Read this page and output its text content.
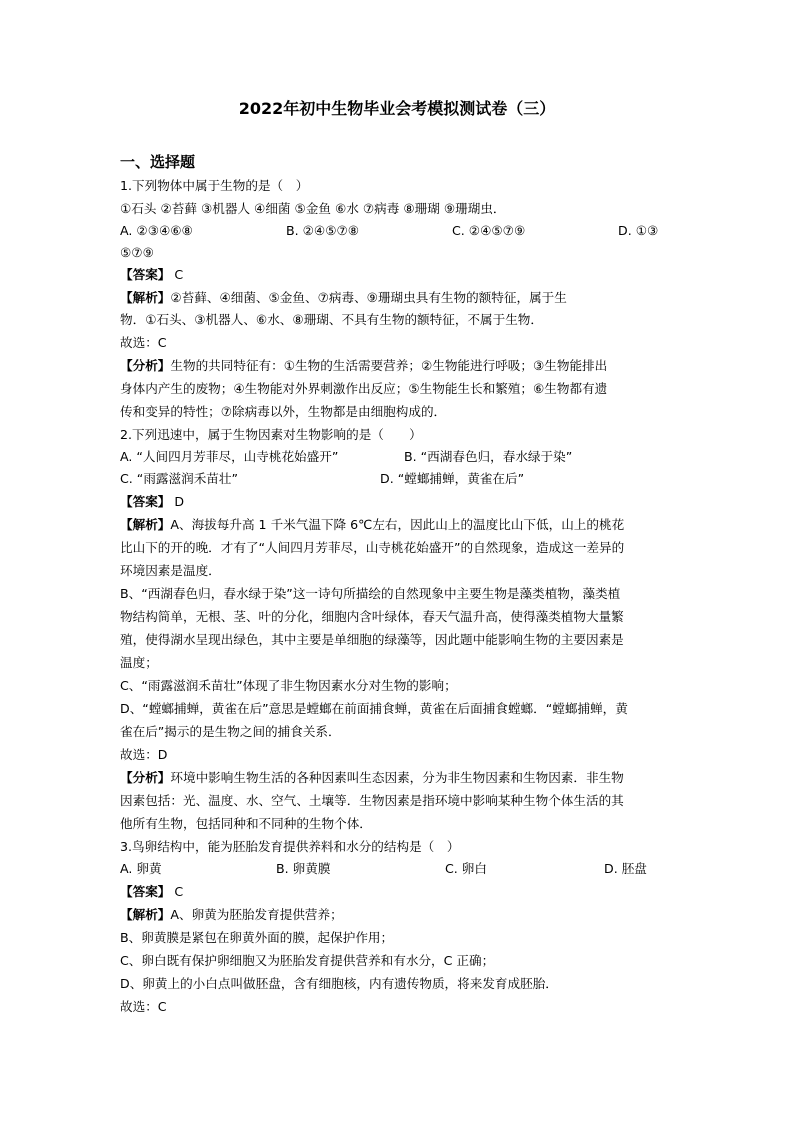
2022年初中生物毕业会考模拟测试卷（三）
一、选择题
1.下列物体中属于生物的是（　）
①石头 ②苔藓 ③机器人 ④细菌 ⑤金鱼 ⑥水 ⑦病毒 ⑧珊瑚 ⑨珊瑚虫．
A. ②③④⑥⑧	B. ②④⑤⑦⑧	C. ②④⑤⑦⑨	D. ①③
⑤⑦⑨
【答案】 C
【解析】②苔藓、④细菌、⑤金鱼、⑦病毒、⑨珊瑚虫具有生物的额特征，属于生
物．①石头、③机器人、⑥水、⑧珊瑚、不具有生物的额特征，不属于生物．
故选：C
【分析】生物的共同特征有：①生物的生活需要营养；②生物能进行呼吸；③生物能排出
身体内产生的废物；④生物能对外界刺激作出反应；⑤生物能生长和繁殖；⑥生物都有遗
传和变异的特性；⑦除病毒以外，生物都是由细胞构成的．
2.下列迅速中，属于生物因素对生物影响的是（　　）
A. “人间四月芳菲尽，山寺桃花始盛开”	B. “西湖春色归，春水绿于染”
C. “雨露滋润禾苗壮”	D. “螳螂捕蝉，黄雀在后”
【答案】 D
【解析】A、海拔每升高 1 千米气温下降 6℃左右，因此山上的温度比山下低，山上的桃花
比山下的开的晚．才有了“人间四月芳菲尽，山寺桃花始盛开”的自然现象，造成这一差异的
环境因素是温度．
B、“西湖春色归，春水绿于染”这一诗句所描绘的自然现象中主要生物是藻类植物，藻类植
物结构简单，无根、茎、叶的分化，细胞内含叶绿体，春天气温升高，使得藻类植物大量繁
殖，使得湖水呈现出绿色，其中主要是单细胞的绿藻等，因此题中能影响生物的主要因素是
温度；
C、“雨露滋润禾苗壮”体现了非生物因素水分对生物的影响；
D、“螳螂捕蝉，黄雀在后”意思是螳螂在前面捕食蝉，黄雀在后面捕食螳螂．“螳螂捕蝉，黄
雀在后”揭示的是生物之间的捕食关系．
故选：D
【分析】环境中影响生物生活的各种因素叫生态因素，分为非生物因素和生物因素．非生物
因素包括：光、温度、水、空气、土壤等．生物因素是指环境中影响某种生物个体生活的其
他所有生物，包括同种和不同种的生物个体．
3.鸟卵结构中，能为胚胎发育提供养料和水分的结构是（　）
A. 卵黄	B. 卵黄膜	C. 卵白	D. 胚盘
【答案】 C
【解析】A、卵黄为胚胎发育提供营养；
B、卵黄膜是紧包在卵黄外面的膜，起保护作用；
C、卵白既有保护卵细胞又为胚胎发育提供营养和有水分，C 正确；
D、卵黄上的小白点叫做胚盘，含有细胞核，内有遗传物质，将来发育成胚胎．
故选：C
